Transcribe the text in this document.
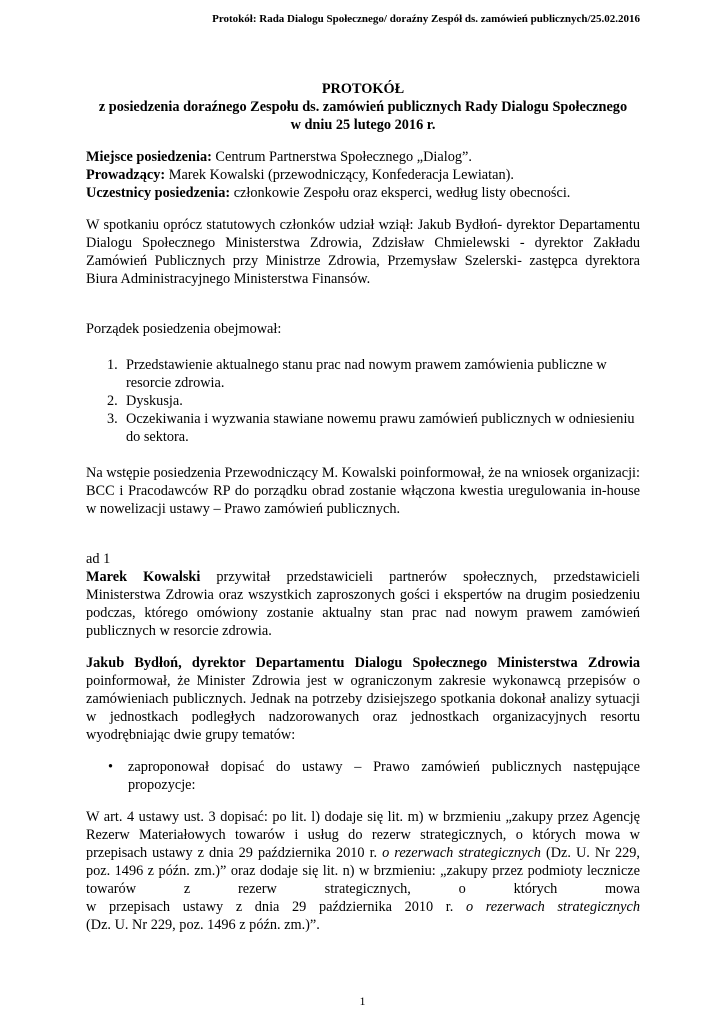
Protokół: Rada Dialogu Społecznego/ doraźny Zespół ds. zamówień publicznych/25.02.2016

PROTOKÓŁ

z posiedzenia doraźnego Zespołu ds. zamówień publicznych Rady Dialogu Społecznego

w dniu 25 lutego 2016 r.

Miejsce posiedzenia: Centrum Partnerstwa Społecznego „Dialog”.

Prowadzący: Marek Kowalski (przewodniczący, Konfederacja Lewiatan).

Uczestnicy posiedzenia: członkowie Zespołu oraz eksperci, według listy obecności.

W spotkaniu oprócz statutowych członków udział wziął: Jakub Bydłoń- dyrektor Departamentu Dialogu Społecznego Ministerstwa Zdrowia, Zdzisław Chmielewski - dyrektor Zakładu Zamówień Publicznych przy Ministrze Zdrowia, Przemysław Szelerski- zastępca dyrektora Biura Administracyjnego Ministerstwa Finansów.

Porządek posiedzenia obejmował:

1. Przedstawienie aktualnego stanu prac nad nowym prawem zamówienia publiczne w resorcie zdrowia.
2. Dyskusja.
3. Oczekiwania i wyzwania stawiane nowemu prawu zamówień publicznych w odniesieniu do sektora.

Na wstępie posiedzenia Przewodniczący M. Kowalski poinformował, że na wniosek organizacji: BCC i Pracodawców RP do porządku obrad zostanie włączona kwestia uregulowania in-house w nowelizacji ustawy – Prawo zamówień publicznych.

ad 1

Marek Kowalski przywitał przedstawicieli partnerów społecznych, przedstawicieli Ministerstwa Zdrowia oraz wszystkich zaproszonych gości i ekspertów na drugim posiedzeniu podczas, którego omówiony zostanie aktualny stan prac nad nowym prawem zamówień publicznych w resorcie zdrowia.

Jakub Bydłoń, dyrektor Departamentu Dialogu Społecznego Ministerstwa Zdrowia poinformował, że Minister Zdrowia jest w ograniczonym zakresie wykonawcą przepisów o zamówieniach publicznych. Jednak na potrzeby dzisiejszego spotkania dokonał analizy sytuacji w jednostkach podległych nadzorowanych oraz jednostkach organizacyjnych resortu wyodrębniając dwie grupy tematów:

• zaproponował dopisać do ustawy – Prawo zamówień publicznych następujące propozycje:

W art. 4 ustawy ust. 3 dopisać: po lit. l) dodaje się lit. m) w brzmieniu „zakupy przez Agencję Rezerw Materiałowych towarów i usług do rezerw strategicznych, o których mowa w przepisach ustawy z dnia 29 października 2010 r. o rezerwach strategicznych (Dz. U. Nr 229, poz. 1496 z późn. zm.)” oraz dodaje się lit. n) w brzmieniu: „zakupy przez podmioty lecznicze towarów z rezerw strategicznych, o których mowa

w przepisach ustawy z dnia 29 października 2010 r. o rezerwach strategicznych

(Dz. U. Nr 229, poz. 1496 z późn. zm.)”.

1
